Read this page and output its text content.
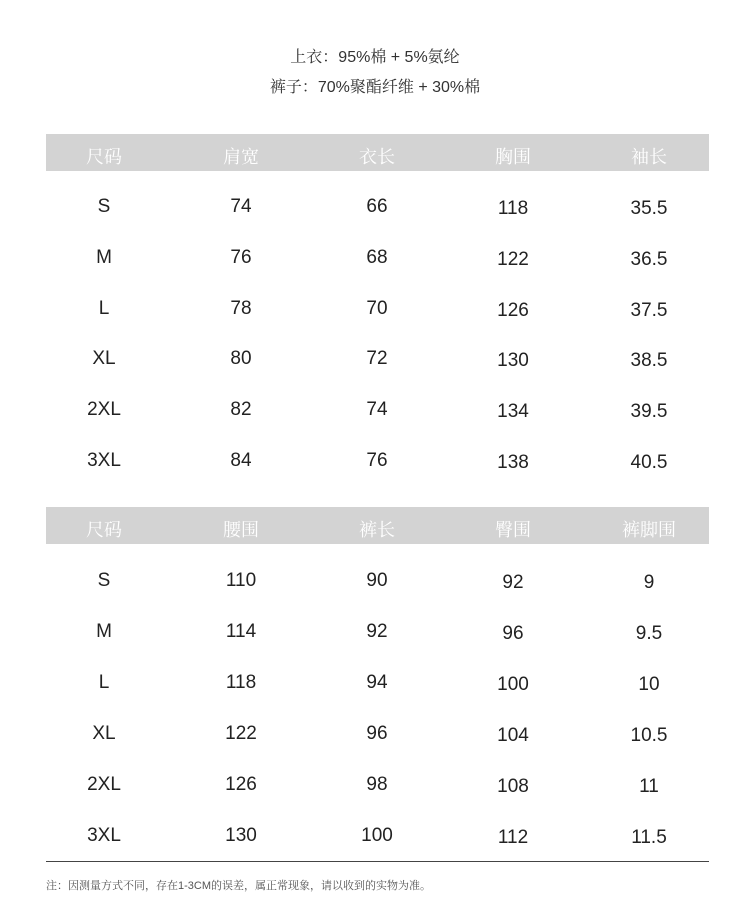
上衣：95%棉 + 5%氨纶
裤子：70%聚酯纤维 + 30%棉
尺码	肩宽	衣长	胸围	袖长
S	74	66	118	35.5
M	76	68	122	36.5
L	78	70	126	37.5
XL	80	72	130	38.5
2XL	82	74	134	39.5
3XL	84	76	138	40.5
尺码	腰围	裤长	臀围	裤脚围
S	110	90	92	9
M	114	92	96	9.5
L	118	94	100	10
XL	122	96	104	10.5
2XL	126	98	108	11
3XL	130	100	112	11.5
注：因测量方式不同，存在1-3CM的误差，属正常现象，请以收到的实物为准。
